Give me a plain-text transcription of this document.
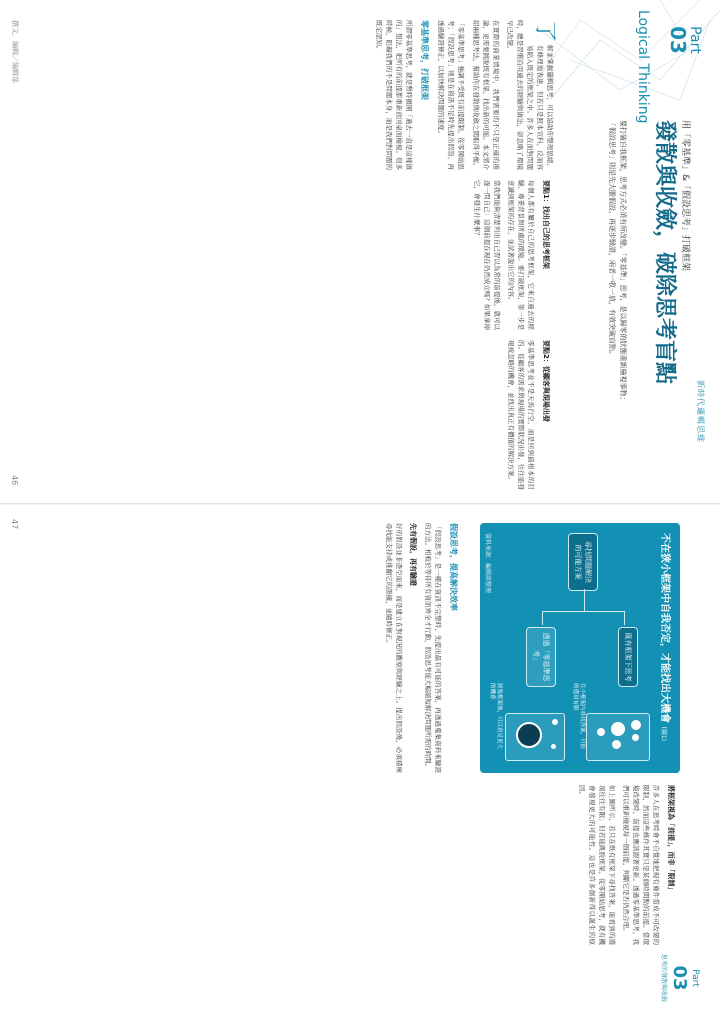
Part
03
Logical Thinking
新時代邏輯思維
用「零基準」&「假設思考」打破框架
發散與收斂，破除思考盲點
要打破自我框架，思考方式必須有所改變。「零基準」思考，是以歸零的狀態重新檢視事物；「假設思考」則是先大膽假設，再逐步驗證，兩者一收一放，有效突破盲點。

了
解並掌握邏輯思考，可以協助你整理思緒、有條理地表達，但若只是照本宣科，反而容易陷入既定的框架之中。許多人在面對問題時，總是習慣沿用過去的經驗與做法，卻忽略了環境早已改變。

在實際的商業情境中，我們需要的不只是正確的推論，更需要跳脫既有框架，找出新的可能。本文將介紹兩種思考法，幫助你在發散與收斂之間取得平衡。

「零基準思考」強調不受既有前提限制，從零開始思考；「假設思考」則是在資訊不足時先提出假設，再透過驗證修正，以加快解決問題的速度。

零基準思考，打破框架

所謂零基準思考，就是暫時拋開「過去一直是這樣做的」想法，把所有的前提都重新放回桌面檢視。很多時候，阻礙我們的不是問題本身，而是我們對問題的既定認知。

要點1：找出自己的思考框架

每個人都有屬於自己的思考框架，它來自過去的經驗、專業背景與所處的環境。要打破框架，第一步是意識到框架的存在，並試著說出它的內容。

當我們能夠清楚列出自己習以為常的前提後，就可以逐一問自己：這個前提在現在仍然成立嗎？如果拿掉它，會發生什麼事？

要點2：從顧客與現場出發

零基準思考並不是天馬行空，而是回到最根本的目的。從顧客的需求與現場的實際狀況出發，往往能發現被忽略的機會，並找出真正有價值的解決方案。

撰文．編輯／編輯部
46
Part
03
思考的發散與收斂
不在狹小框架中自我否定，才能找出大機會 (圖1)
尋找問題解決的可能方案
既有框架下思考
透過「零基準思考」
在小框架內尋找答案，可能的選項有限
跳脫框架後，可以看見更大的機會
資料來源：編輯部整理
將框架視為「前提」，而非「限制」

許多人在思考時會不自覺地把現有條件當成不可改變的限制，然而這些條件其實只是某個時間點的前提。當環境改變時，前提也應該跟著更新。透過零基準思考，我們可以重新檢視每一個前提，判斷它是否仍然合理。

如上圖所示，若只在既有框架下尋找答案，能看到的選項往往有限；但若能跳脫框架，從零開始思考，就有機會發現更大的可能性。這也是許多創新得以誕生的原因。

假設思考，提高解決效率

「假設思考」是一種在資訊不完整時，先提出最有可能的答案，再透過蒐集資料來驗證的方法。相較於等待所有資訊齊全才行動，假設思考能大幅縮短解決問題所需的時間。

先有假設，再有驗證

好的假設並非憑空而來，而是建立在對現況的觀察與經驗之上。提出假設後，必須積極尋找能支持或推翻它的證據，並隨時修正。

47
